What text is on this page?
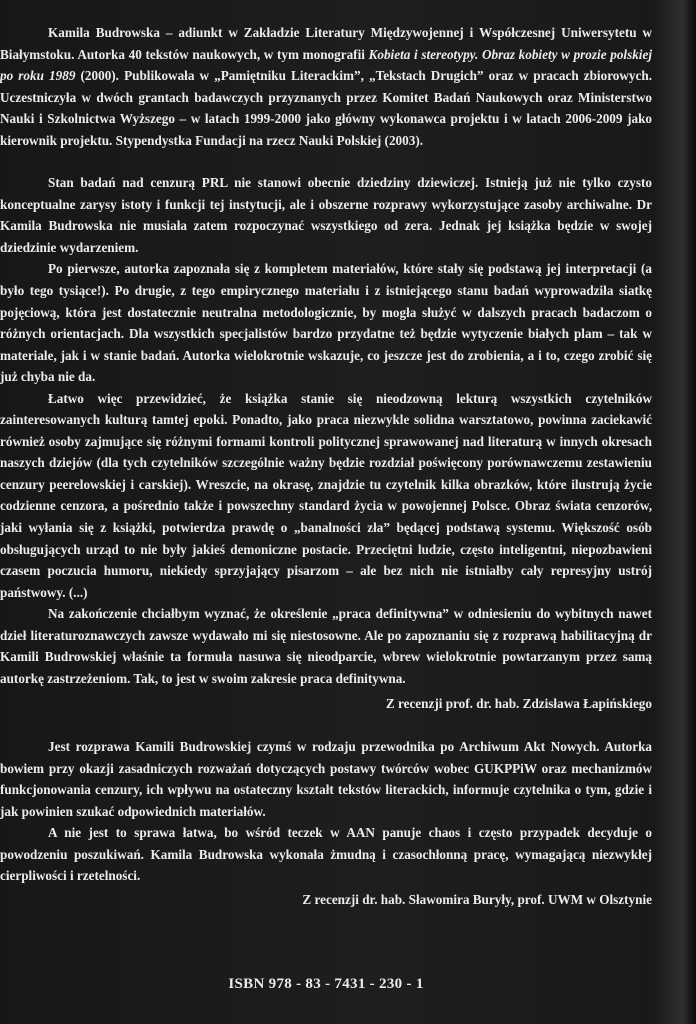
Kamila Budrowska – adiunkt w Zakładzie Literatury Międzywojennej i Współczesnej Uniwersytetu w Białymstoku. Autorka 40 tekstów naukowych, w tym monografii Kobieta i stereotypy. Obraz kobiety w prozie polskiej po roku 1989 (2000). Publikowała w „Pamiętniku Literackim”, „Tekstach Drugich” oraz w pracach zbiorowych. Uczestniczyła w dwóch grantach badawczych przyznanych przez Komitet Badań Naukowych oraz Ministerstwo Nauki i Szkolnictwa Wyższego – w latach 1999-2000 jako główny wykonawca projektu i w latach 2006-2009 jako kierownik projektu. Stypendystka Fundacji na rzecz Nauki Polskiej (2003).

Stan badań nad cenzurą PRL nie stanowi obecnie dziedziny dziewiczej. Istnieją już nie tylko czysto konceptualne zarysy istoty i funkcji tej instytucji, ale i obszerne rozprawy wykorzystujące zasoby archiwalne. Dr Kamila Budrowska nie musiała zatem rozpoczynać wszystkiego od zera. Jednak jej książka będzie w swojej dziedzinie wydarzeniem.

Po pierwsze, autorka zapoznała się z kompletem materiałów, które stały się podstawą jej interpretacji (a było tego tysiące!). Po drugie, z tego empirycznego materiału i z istniejącego stanu badań wyprowadziła siatkę pojęciową, która jest dostatecznie neutralna metodologicznie, by mogła służyć w dalszych pracach badaczom o różnych orientacjach. Dla wszystkich specjalistów bardzo przydatne też będzie wytyczenie białych plam – tak w materiale, jak i w stanie badań. Autorka wielokrotnie wskazuje, co jeszcze jest do zrobienia, a i to, czego zrobić się już chyba nie da.

Łatwo więc przewidzieć, że książka stanie się nieodzowną lekturą wszystkich czytelników zainteresowanych kulturą tamtej epoki. Ponadto, jako praca niezwykle solidna warsztatowo, powinna zaciekawić również osoby zajmujące się różnymi formami kontroli politycznej sprawowanej nad literaturą w innych okresach naszych dziejów (dla tych czytelników szczególnie ważny będzie rozdział poświęcony porównawczemu zestawieniu cenzury peerelowskiej i carskiej). Wreszcie, na okrasę, znajdzie tu czytelnik kilka obrazków, które ilustrują życie codzienne cenzora, a pośrednio także i powszechny standard życia w powojennej Polsce. Obraz świata cenzorów, jaki wyłania się z książki, potwierdza prawdę o „banalności zła” będącej podstawą systemu. Większość osób obsługujących urząd to nie były jakieś demoniczne postacie. Przeciętni ludzie, często inteligentni, niepozbawieni czasem poczucia humoru, niekiedy sprzyjający pisarzom – ale bez nich nie istniałby cały represyjny ustrój państwowy. (...)

Na zakończenie chciałbym wyznać, że określenie „praca definitywna” w odniesieniu do wybitnych nawet dzieł literaturoznawczych zawsze wydawało mi się niestosowne. Ale po zapoznaniu się z rozprawą habilitacyjną dr Kamili Budrowskiej właśnie ta formuła nasuwa się nieodparcie, wbrew wielokrotnie powtarzanym przez samą autorkę zastrzeżeniom. Tak, to jest w swoim zakresie praca definitywna.

Z recenzji prof. dr. hab. Zdzisława Łapińskiego

Jest rozprawa Kamili Budrowskiej czymś w rodzaju przewodnika po Archiwum Akt Nowych. Autorka bowiem przy okazji zasadniczych rozważań dotyczących postawy twórców wobec GUKPPiW oraz mechanizmów funkcjonowania cenzury, ich wpływu na ostateczny kształt tekstów literackich, informuje czytelnika o tym, gdzie i jak powinien szukać odpowiednich materiałów.

A nie jest to sprawa łatwa, bo wśród teczek w AAN panuje chaos i często przypadek decyduje o powodzeniu poszukiwań. Kamila Budrowska wykonała żmudną i czasochłonną pracę, wymagającą niezwykłej cierpliwości i rzetelności.

Z recenzji dr. hab. Sławomira Buryły, prof. UWM w Olsztynie

ISBN 978 - 83 - 7431 - 230 - 1
